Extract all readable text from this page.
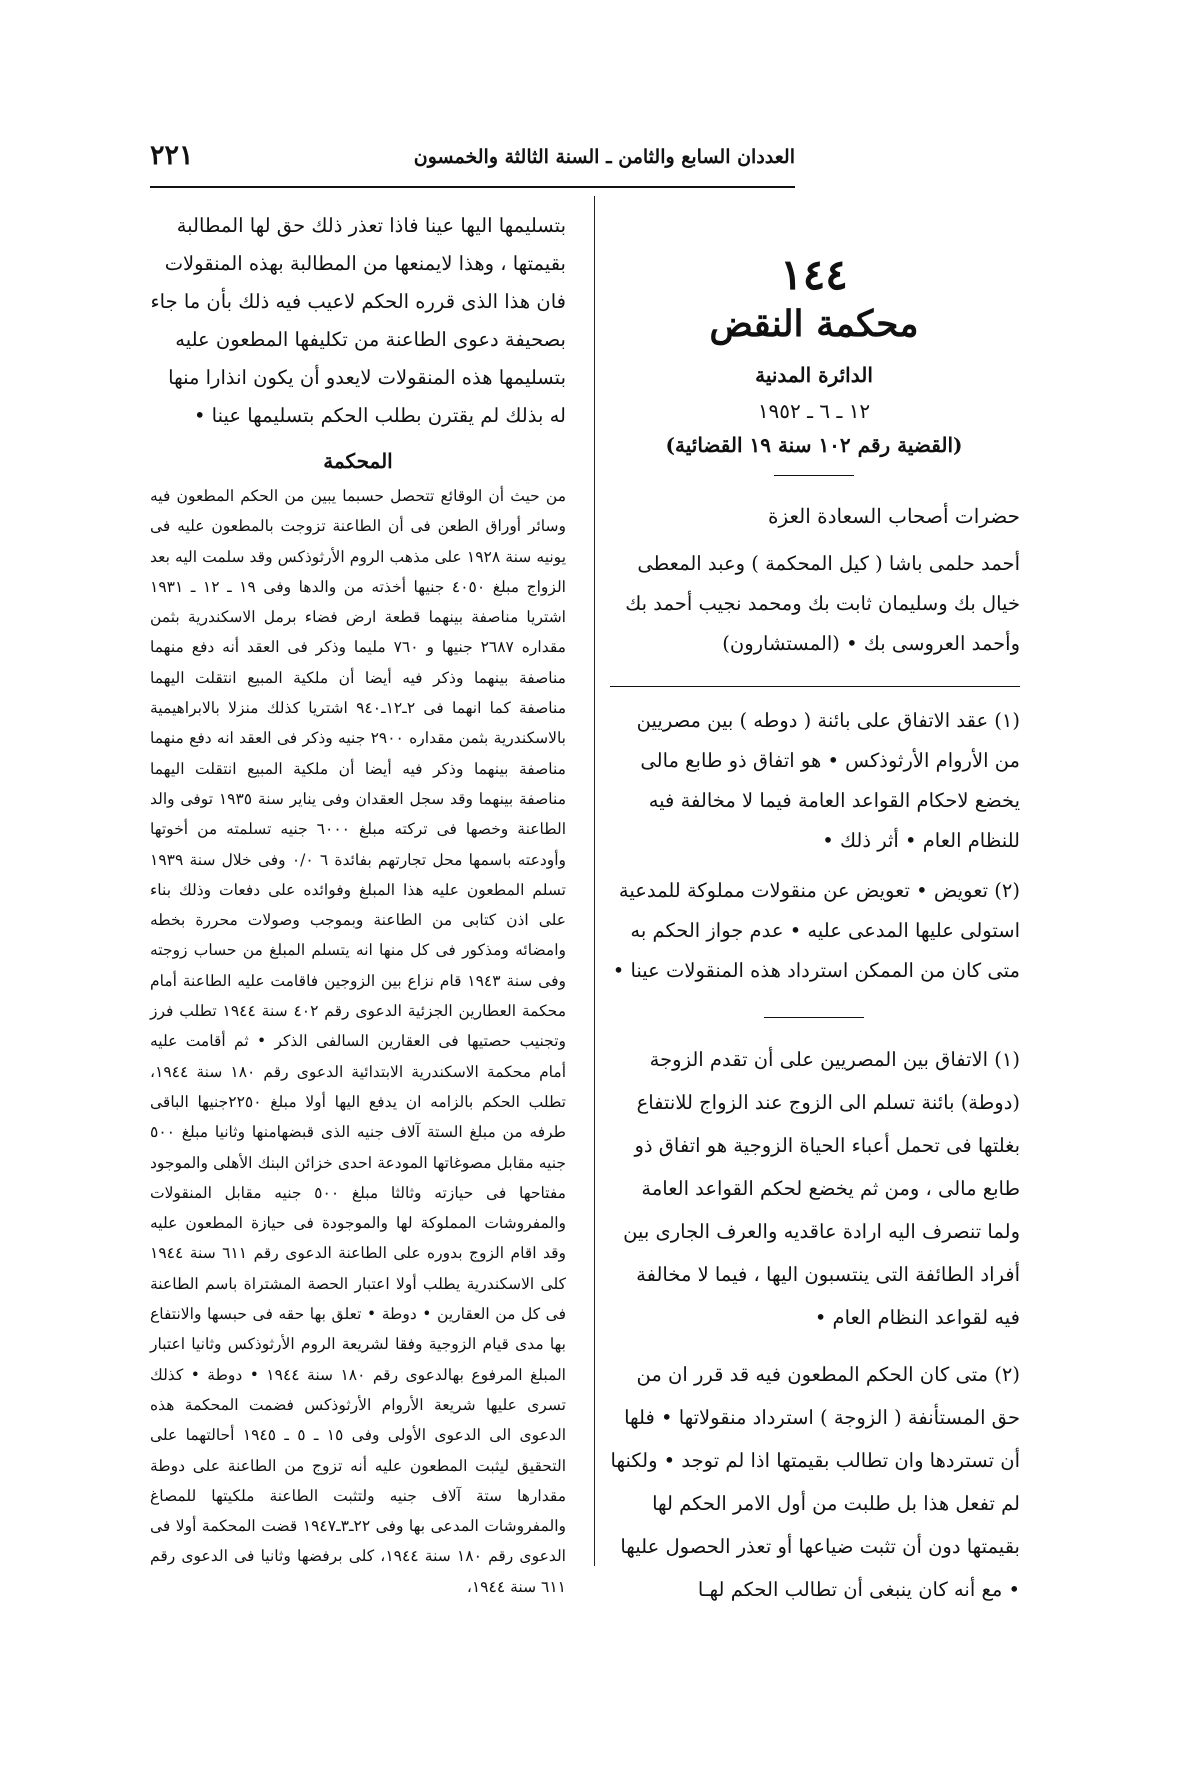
العددان السابع والثامن ـ السنة الثالثة والخمسون
٢٢١
١٤٤
محكمة النقض
الدائرة المدنية
١٢ ـ ٦ ـ ١٩٥٢
(القضية رقم ١٠٢ سنة ١٩ القضائية)
حضرات أصحاب السعادة العزة
أحمد حلمى باشا ( كيل المحكمة ) وعبد المعطى خيال بك وسليمان ثابت بك ومحمد نجيب أحمد بك وأحمد العروسى بك • (المستشارون)
(١) عقد الاتفاق على بائنة ( دوطه ) بين مصريين من الأروام الأرثوذكس • هو اتفاق ذو طابع مالى يخضع لاحكام القواعد العامة فيما لا مخالفة فيه للنظام العام • أثر ذلك •
(٢) تعويض • تعويض عن منقولات مملوكة للمدعية استولى عليها المدعى عليه • عدم جواز الحكم به متى كان من الممكن استرداد هذه المنقولات عينا •
(١) الاتفاق بين المصريين على أن تقدم الزوجة (دوطة) بائنة تسلم الى الزوج عند الزواج للانتفاع بغلتها فى تحمل أعباء الحياة الزوجية هو اتفاق ذو طابع مالى ، ومن ثم يخضع لحكم القواعد العامة ولما تنصرف اليه ارادة عاقديه والعرف الجارى بين أفراد الطائفة التى ينتسبون اليها ، فيما لا مخالفة فيه لقواعد النظام العام •
(٢) متى كان الحكم المطعون فيه قد قرر ان من حق المستأنفة ( الزوجة ) استرداد منقولاتها • فلها أن تستردها وان تطالب بقيمتها اذا لم توجد • ولكنها لم تفعل هذا بل طلبت من أول الامر الحكم لها بقيمتها دون أن تثبت ضياعها أو تعذر الحصول عليها • مع أنه كان ينبغى أن تطالب الحكم لهـا
بتسليمها اليها عينا فاذا تعذر ذلك حق لها المطالبة بقيمتها ، وهذا لايمنعها من المطالبة بهذه المنقولات فان هذا الذى قرره الحكم لاعيب فيه ذلك بأن ما جاء بصحيفة دعوى الطاعنة من تكليفها المطعون عليه بتسليمها هذه المنقولات لايعدو أن يكون انذارا منها له بذلك لم يقترن بطلب الحكم بتسليمها عينا •
المحكمة
من حيث أن الوقائع تتحصل حسبما يبين من الحكم المطعون فيه وسائر أوراق الطعن فى أن الطاعنة تزوجت بالمطعون عليه فى يونيه سنة ١٩٢٨ على مذهب الروم الأرثوذكس وقد سلمت اليه بعد الزواج مبلغ ٤٠٥٠ جنيها أخذته من والدها وفى ١٩ ـ ١٢ ـ ١٩٣١ اشتريا مناصفة بينهما قطعة ارض فضاء برمل الاسكندرية بثمن مقداره ٢٦٨٧ جنيها و ٧٦٠ مليما وذكر فى العقد أنه دفع منهما مناصفة بينهما وذكر فيه أيضا أن ملكية المبيع انتقلت اليهما مناصفة كما انهما فى ٢ـ١٢ـ٩٤٠ اشتريا كذلك منزلا بالابراهيمية بالاسكندرية بثمن مقداره ٢٩٠٠ جنيه وذكر فى العقد انه دفع منهما مناصفة بينهما وذكر فيه أيضا أن ملكية المبيع انتقلت اليهما مناصفة بينهما وقد سجل العقدان وفى يناير سنة ١٩٣٥ توفى والد الطاعنة وخصها فى تركته مبلغ ٦٠٠٠ جنيه تسلمته من أخوتها وأودعته باسمها محل تجارتهم بفائدة ٦ ٠/٠ وفى خلال سنة ١٩٣٩ تسلم المطعون عليه هذا المبلغ وفوائده على دفعات وذلك بناء على اذن كتابى من الطاعنة وبموجب وصولات محررة بخطه وامضائه ومذكور فى كل منها انه يتسلم المبلغ من حساب زوجته وفى سنة ١٩٤٣ قام نزاع بين الزوجين فاقامت عليه الطاعنة أمام محكمة العطارين الجزئية الدعوى رقم ٤٠٢ سنة ١٩٤٤ تطلب فرز وتجنيب حصتيها فى العقارين السالفى الذكر • ثم أقامت عليه أمام محكمة الاسكندرية الابتدائية الدعوى رقم ١٨٠ سنة ١٩٤٤، تطلب الحكم بالزامه ان يدفع اليها أولا مبلغ ٢٢٥٠جنيها الباقى طرفه من مبلغ الستة آلاف جنيه الذى قبضهامنها وثانيا مبلغ ٥٠٠ جنيه مقابل مصوغاتها المودعة احدى خزائن البنك الأهلى والموجود مفتاحها فى حيازته وثالثا مبلغ ٥٠٠ جنيه مقابل المنقولات والمفروشات المملوكة لها والموجودة فى حيازة المطعون عليه وقد اقام الزوج بدوره على الطاعنة الدعوى رقم ٦١١ سنة ١٩٤٤ كلى الاسكندرية يطلب أولا اعتبار الحصة المشتراة باسم الطاعنة فى كل من العقارين • دوطة • تعلق بها حقه فى حبسها والانتفاع بها مدى قيام الزوجية وفقا لشريعة الروم الأرثوذكس وثانيا اعتبار المبلغ المرفوع بهالدعوى رقم ١٨٠ سنة ١٩٤٤ • دوطة • كذلك تسرى عليها شريعة الأروام الأرثوذكس فضمت المحكمة هذه الدعوى الى الدعوى الأولى وفى ١٥ ـ ٥ ـ ١٩٤٥ أحالتهما على التحقيق ليثبت المطعون عليه أنه تزوج من الطاعنة على دوطة مقدارها ستة آلاف جنيه ولتثبت الطاعنة ملكيتها للمصاغ والمفروشات المدعى بها وفى ٢٢ـ٣ـ١٩٤٧ قضت المحكمة أولا فى الدعوى رقم ١٨٠ سنة ١٩٤٤، كلى برفضها وثانيا فى الدعوى رقم ٦١١ سنة ١٩٤٤،
